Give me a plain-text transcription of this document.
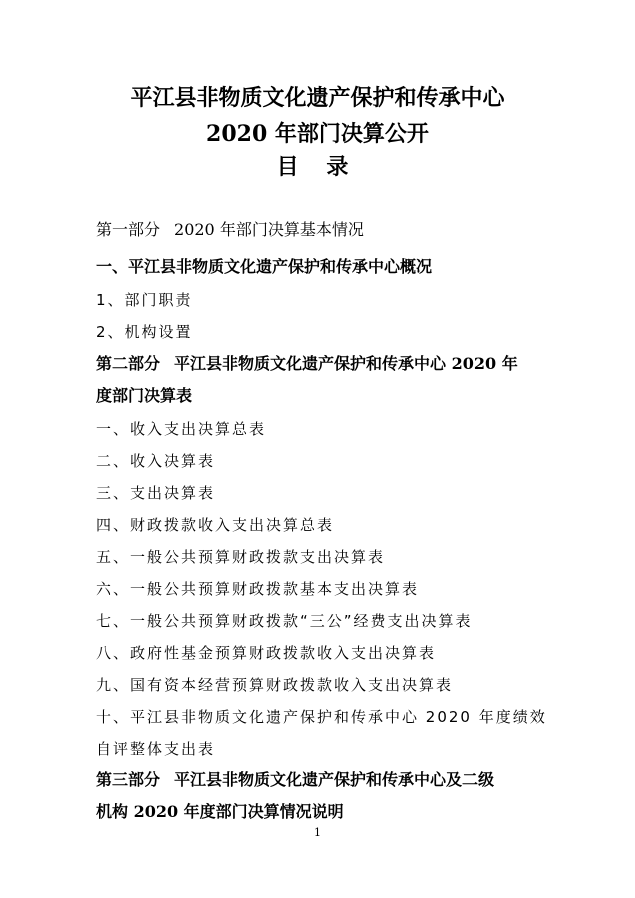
平江县非物质文化遗产保护和传承中心
2020 年部门决算公开
目 录
第一部分 2020 年部门决算基本情况
一、平江县非物质文化遗产保护和传承中心概况
1、部门职责
2、机构设置
第二部分 平江县非物质文化遗产保护和传承中心 2020 年
度部门决算表
一、收入支出决算总表
二、收入决算表
三、支出决算表
四、财政拨款收入支出决算总表
五、一般公共预算财政拨款支出决算表
六、一般公共预算财政拨款基本支出决算表
七、一般公共预算财政拨款“三公”经费支出决算表
八、政府性基金预算财政拨款收入支出决算表
九、国有资本经营预算财政拨款收入支出决算表
十、平江县非物质文化遗产保护和传承中心 2020 年度绩效
自评整体支出表
第三部分 平江县非物质文化遗产保护和传承中心及二级
机构 2020 年度部门决算情况说明
1
